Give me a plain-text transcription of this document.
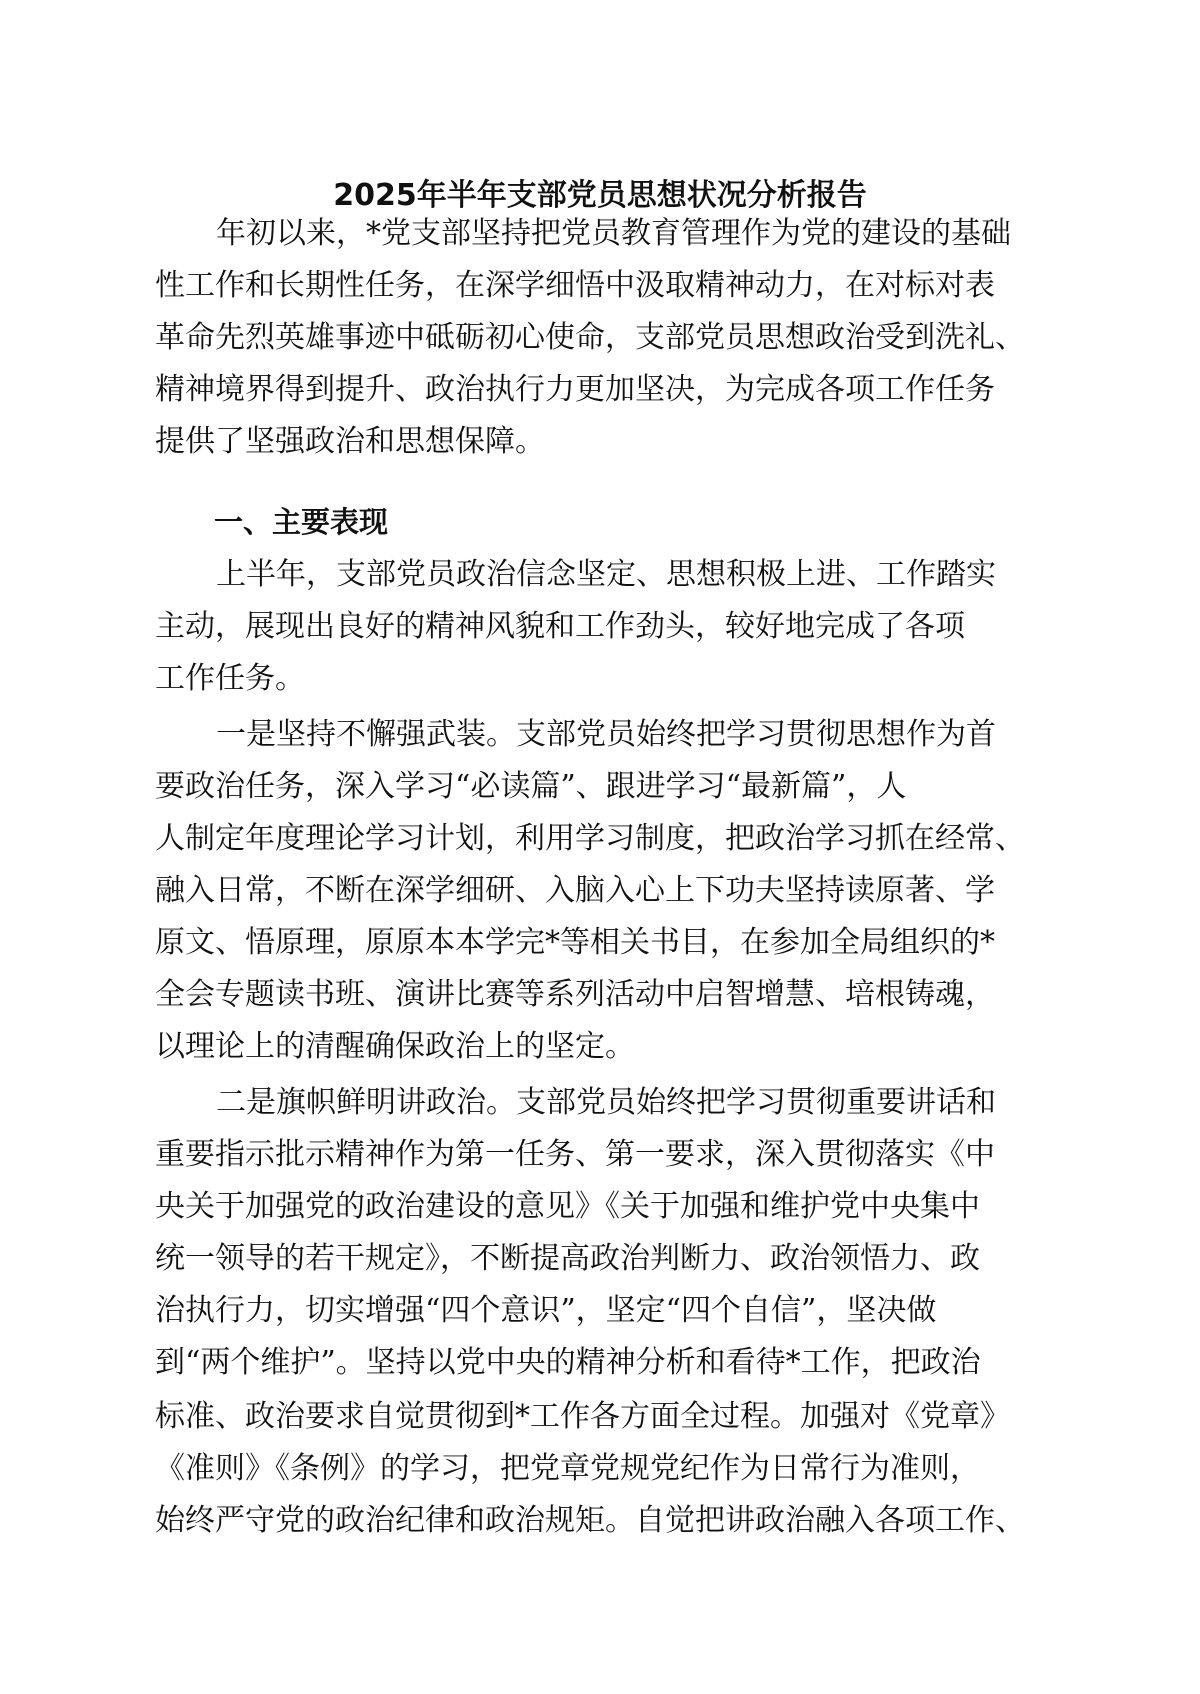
2025年半年支部党员思想状况分析报告
年初以来，*党支部坚持把党员教育管理作为党的建设的基础
性工作和长期性任务，在深学细悟中汲取精神动力，在对标对表
革命先烈英雄事迹中砥砺初心使命，支部党员思想政治受到洗礼、
精神境界得到提升、政治执行力更加坚决，为完成各项工作任务
提供了坚强政治和思想保障。
一、主要表现
上半年，支部党员政治信念坚定、思想积极上进、工作踏实
主动，展现出良好的精神风貌和工作劲头，较好地完成了各项
工作任务。
一是坚持不懈强武装。支部党员始终把学习贯彻思想作为首
要政治任务，深入学习“必读篇”、跟进学习“最新篇”，人
人制定年度理论学习计划，利用学习制度，把政治学习抓在经常、
融入日常，不断在深学细研、入脑入心上下功夫坚持读原著、学
原文、悟原理，原原本本学完*等相关书目，在参加全局组织的*
全会专题读书班、演讲比赛等系列活动中启智增慧、培根铸魂，
以理论上的清醒确保政治上的坚定。
二是旗帜鲜明讲政治。支部党员始终把学习贯彻重要讲话和
重要指示批示精神作为第一任务、第一要求，深入贯彻落实《中
央关于加强党的政治建设的意见》《关于加强和维护党中央集中
统一领导的若干规定》，不断提高政治判断力、政治领悟力、政
治执行力，切实增强“四个意识”，坚定“四个自信”，坚决做
到“两个维护”。坚持以党中央的精神分析和看待*工作，把政治
标准、政治要求自觉贯彻到*工作各方面全过程。加强对《党章》
《准则》《条例》的学习，把党章党规党纪作为日常行为准则，
始终严守党的政治纪律和政治规矩。自觉把讲政治融入各项工作、
